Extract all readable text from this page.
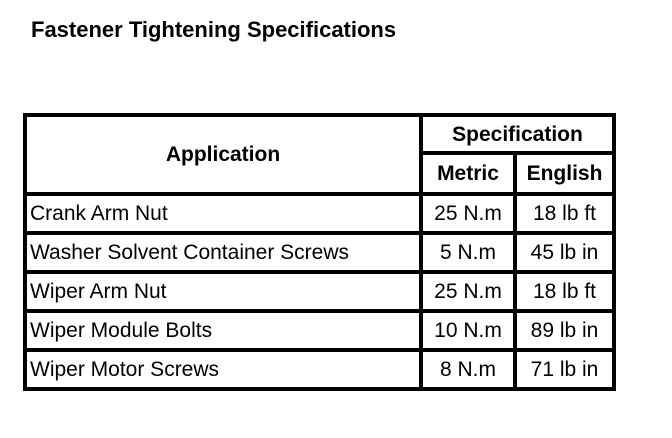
Fastener Tightening Specifications
Application	Specification	
	Metric	English
Crank Arm Nut	25 N.m	18 lb ft
Washer Solvent Container Screws	5 N.m	45 lb in
Wiper Arm Nut	25 N.m	18 lb ft
Wiper Module Bolts	10 N.m	89 lb in
Wiper Motor Screws	8 N.m	71 lb in
